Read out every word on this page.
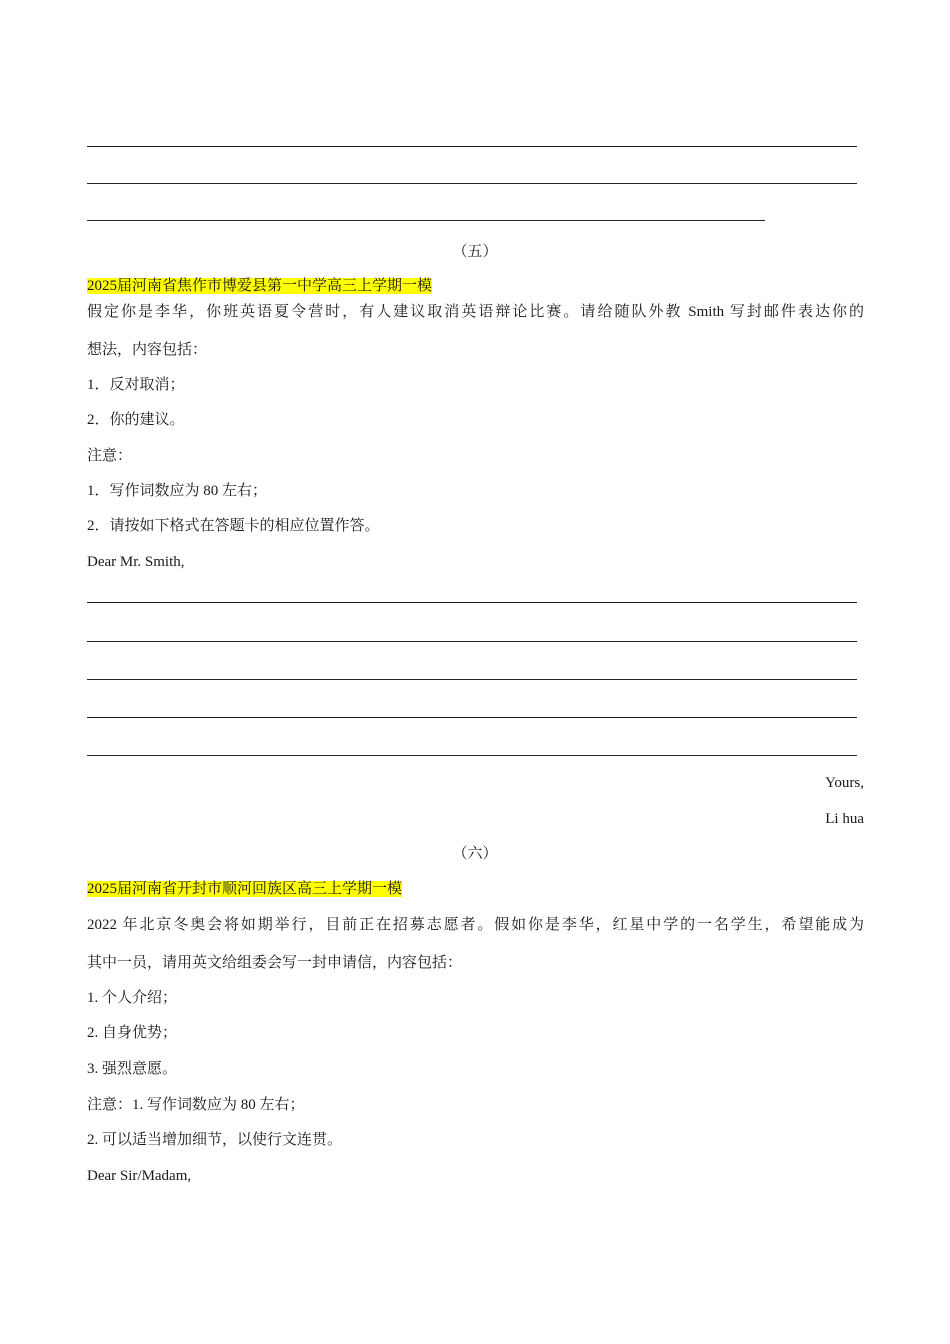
（五）
2025届河南省焦作市博爱县第一中学高三上学期一模
假定你是李华，你班英语夏令营时，有人建议取消英语辩论比赛。请给随队外教 Smith 写封邮件表达你的
想法，内容包括：
1．反对取消；
2．你的建议。
注意：
1．写作词数应为 80 左右；
2．请按如下格式在答题卡的相应位置作答。
Dear Mr. Smith,
Yours,
Li hua
（六）
2025届河南省开封市顺河回族区高三上学期一模
2022 年北京冬奥会将如期举行，目前正在招募志愿者。假如你是李华，红星中学的一名学生，希望能成为
其中一员，请用英文给组委会写一封申请信，内容包括：
1. 个人介绍；
2. 自身优势；
3. 强烈意愿。
注意：1. 写作词数应为 80 左右；
2. 可以适当增加细节，以使行文连贯。
Dear Sir/Madam,
